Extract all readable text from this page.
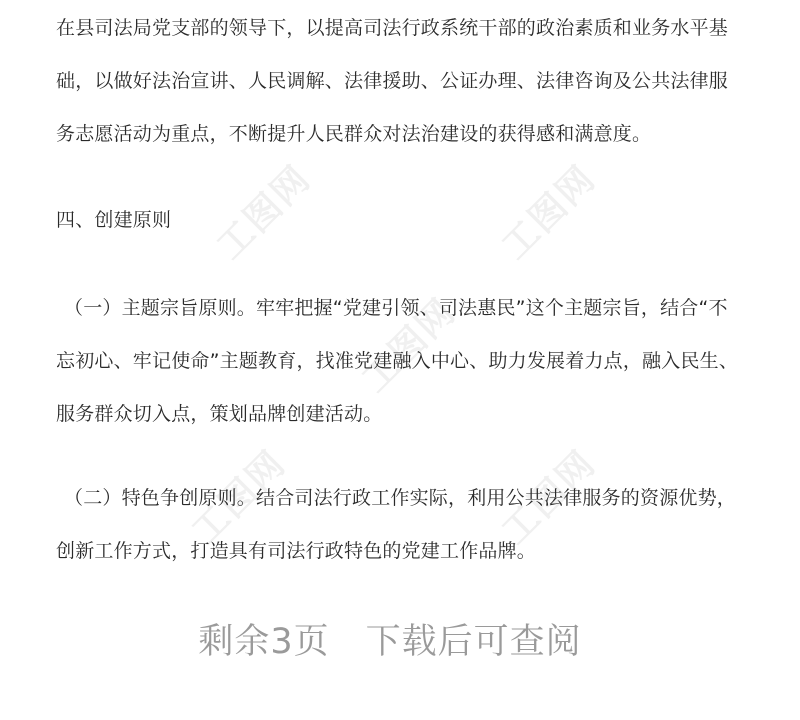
工图网	工图网
工图网
工图网	工图网

在县司法局党支部的领导下，以提高司法行政系统干部的政治素质和业务水平基
础，以做好法治宣讲、人民调解、法律援助、公证办理、法律咨询及公共法律服
务志愿活动为重点，不断提升人民群众对法治建设的获得感和满意度。

四、创建原则

（一）主题宗旨原则。牢牢把握“党建引领、司法惠民”这个主题宗旨，结合“不
忘初心、牢记使命”主题教育，找准党建融入中心、助力发展着力点，融入民生、
服务群众切入点，策划品牌创建活动。

（二）特色争创原则。结合司法行政工作实际，利用公共法律服务的资源优势，
创新工作方式，打造具有司法行政特色的党建工作品牌。

剩余3页 下载后可查阅
